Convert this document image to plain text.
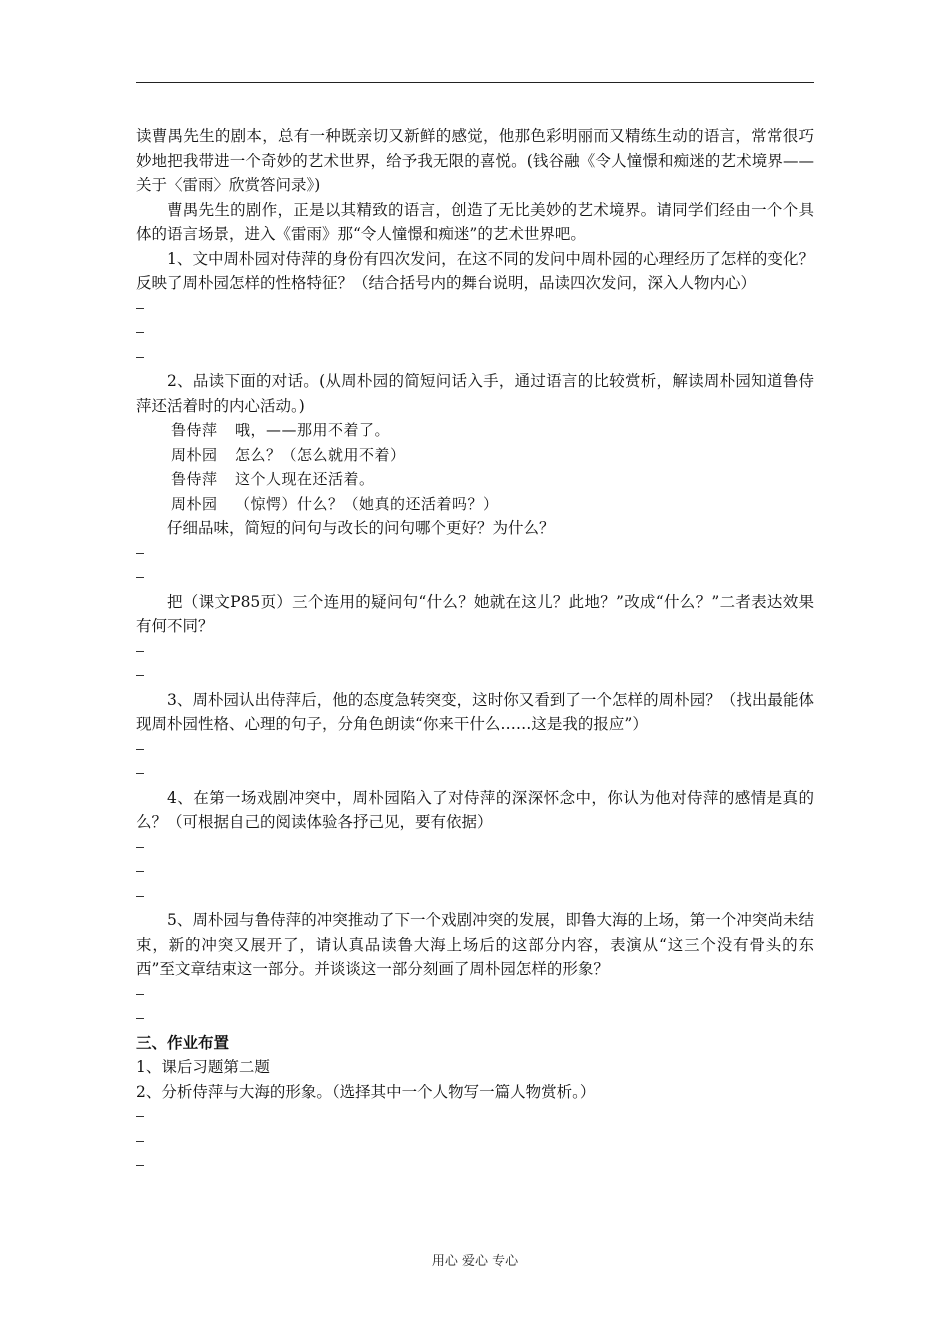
读曹禺先生的剧本，总有一种既亲切又新鲜的感觉，他那色彩明丽而又精练生动的语言，常常很巧妙地把我带进一个奇妙的艺术世界，给予我无限的喜悦。(钱谷融《令人憧憬和痴迷的艺术境界——关于〈雷雨〉欣赏答问录》)

曹禺先生的剧作，正是以其精致的语言，创造了无比美妙的艺术境界。请同学们经由一个个具体的语言场景，进入《雷雨》那“令人憧憬和痴迷”的艺术世界吧。

1、文中周朴园对侍萍的身份有四次发问，在这不同的发问中周朴园的心理经历了怎样的变化？反映了周朴园怎样的性格特征？（结合括号内的舞台说明，品读四次发问，深入人物内心）

2、品读下面的对话。(从周朴园的简短问话入手，通过语言的比较赏析，解读周朴园知道鲁侍萍还活着时的内心活动。)

鲁侍萍 哦，——那用不着了。

周朴园 怎么？（怎么就用不着）

鲁侍萍 这个人现在还活着。

周朴园 （惊愕）什么？（她真的还活着吗？）

仔细品味，简短的问句与改长的问句哪个更好？为什么？

把（课文P85页）三个连用的疑问句“什么？她就在这儿？此地？”改成“什么？”二者表达效果有何不同？

3、周朴园认出侍萍后，他的态度急转突变，这时你又看到了一个怎样的周朴园？（找出最能体现周朴园性格、心理的句子，分角色朗读“你来干什么……这是我的报应”）

4、在第一场戏剧冲突中，周朴园陷入了对侍萍的深深怀念中，你认为他对侍萍的感情是真的么？（可根据自己的阅读体验各抒己见，要有依据）

5、周朴园与鲁侍萍的冲突推动了下一个戏剧冲突的发展，即鲁大海的上场，第一个冲突尚未结束，新的冲突又展开了，请认真品读鲁大海上场后的这部分内容，表演从“这三个没有骨头的东西”至文章结束这一部分。并谈谈这一部分刻画了周朴园怎样的形象？

三、作业布置

1、课后习题第二题

2、分析侍萍与大海的形象。（选择其中一个人物写一篇人物赏析。）

用心 爱心 专心
